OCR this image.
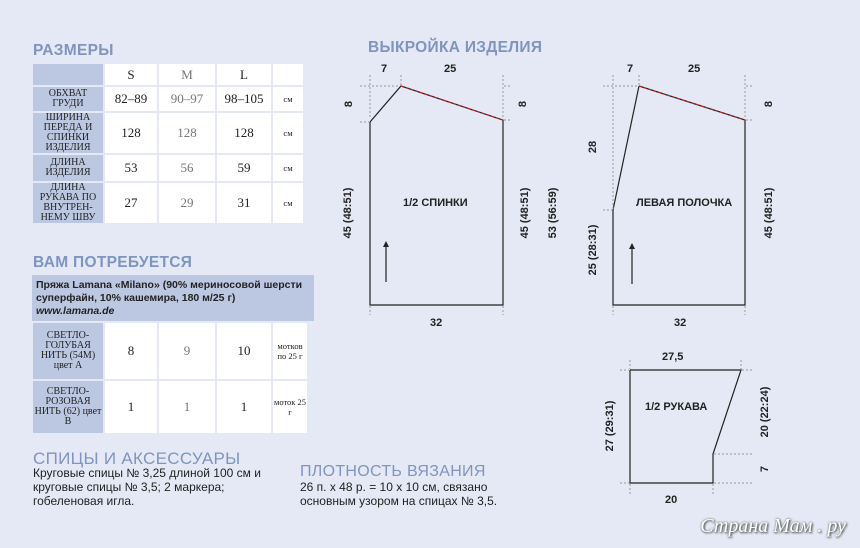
РАЗМЕРЫ
	S	M	L	
ОБХВАТ ГРУДИ	82–89	90–97	98–105	см
ШИРИНА ПЕРЕДА И СПИНКИ ИЗДЕЛИЯ	128	128	128	см
ДЛИНА ИЗДЕЛИЯ	53	56	59	см
ДЛИНА РУКАВА ПО ВНУТРЕН-НЕМУ ШВУ	27	29	31	см
ВАМ ПОТРЕБУЕТСЯ
Пряжа Lamana «Milano» (90% мериносовой шерсти суперфайн, 10% кашемира, 180 м/25 г)
www.lamana.de
СВЕТЛО-ГОЛУБАЯ НИТЬ (54M) цвет А	8	9	10	мотков по 25 г
СВЕТЛО-РОЗОВАЯ НИТЬ (62) цвет В	1	1	1	моток 25 г
СПИЦЫ И АКСЕССУАРЫ
Круговые спицы № 3,25 длиной 100 см и круговые спицы № 3,5; 2 маркера; гобеленовая игла.
ПЛОТНОСТЬ ВЯЗАНИЯ
26 п. х 48 р. = 10 х 10 см, связано основным узором на спицах № 3,5.
ВЫКРОЙКА ИЗДЕЛИЯ
1/2 СПИНКИ
7	25
8	8
45 (48:51)	45 (48:51) 53 (56:59)
32
ЛЕВАЯ ПОЛОЧКА
7	25
8
28
25 (28:31)
45 (48:51)
32
1/2 РУКАВА
27,5
27 (29:31)	20 (22:24)
7
20
Страна Мам . ру
